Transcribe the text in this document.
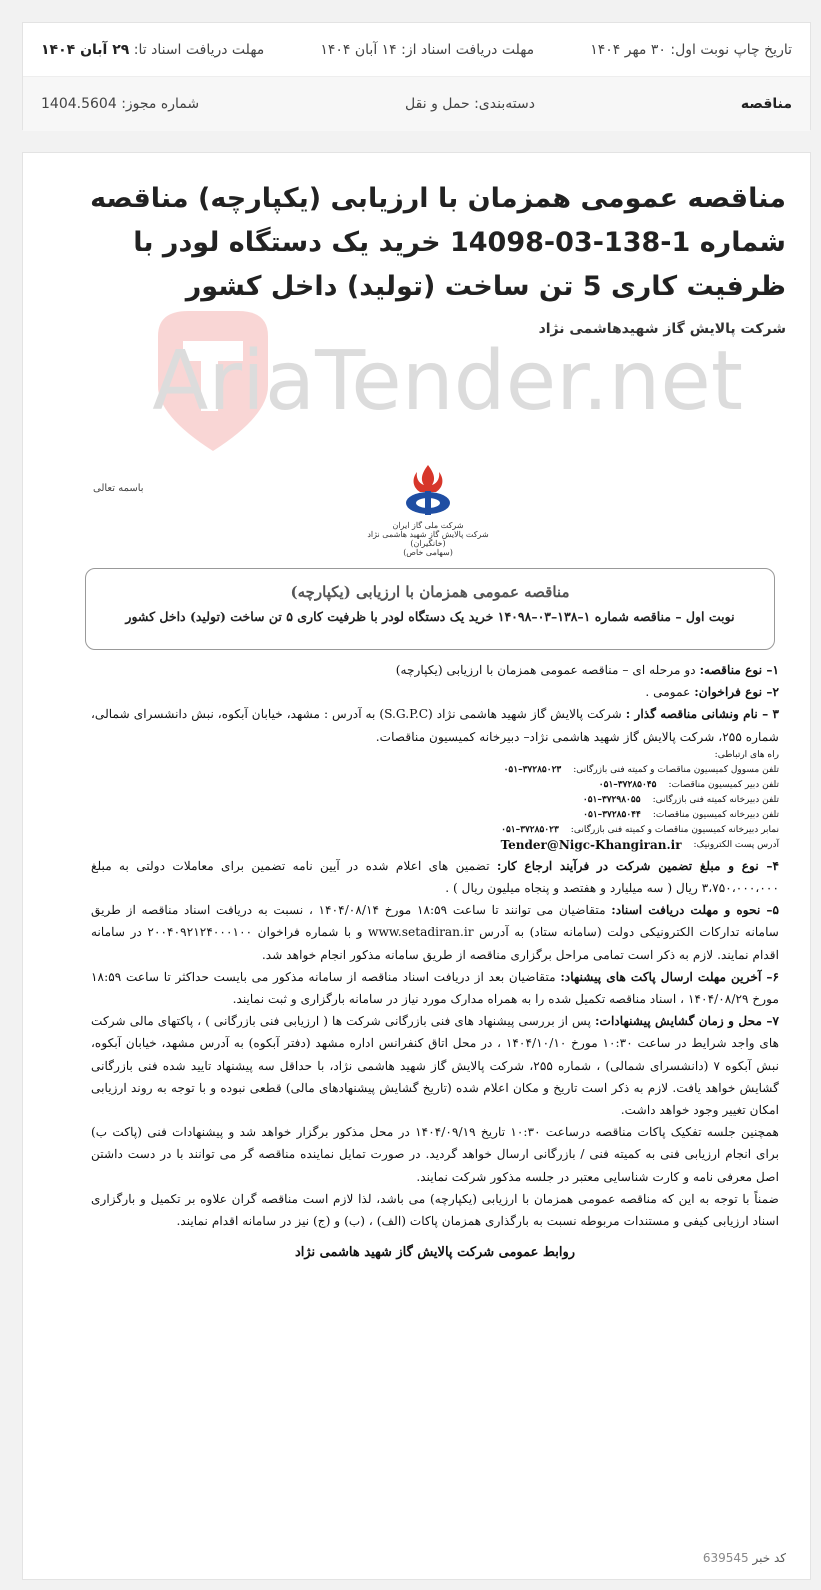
تاریخ چاپ نوبت اول: ۳۰ مهر ۱۴۰۴
مهلت دریافت اسناد از: ۱۴ آبان ۱۴۰۴
مهلت دریافت اسناد تا: ۲۹ آبان ۱۴۰۴
مناقصه
دسته‌بندی: حمل و نقل
شماره مجوز: 1404.5604
مناقصه عمومی همزمان با ارزیابی (یکپارچه) مناقصه شماره 1-138-03-14098 خرید یک دستگاه لودر با ظرفیت کاری 5 تن ساخت (تولید) داخل کشور
شرکت پالایش گاز شهیدهاشمی نژاد
AriaTender.net
باسمه تعالی
شرکت ملی گاز ایران
شرکت پالایش گاز شهید هاشمی نژاد (خانگیران)
(سهامی خاص)
مناقصه عمومی همزمان با ارزیابی (یکپارچه)
نوبت اول – مناقصه شماره ۱–۱۳۸–۰۳–۱۴۰۹۸ خرید یک دستگاه لودر با ظرفیت کاری ۵ تن ساخت (تولید) داخل کشور

۱– نوع مناقصه: دو مرحله ای – مناقصه عمومی همزمان با ارزیابی (یکپارچه)

۲– نوع فراخوان: عمومی .

۳ – نام ونشانی مناقصه گذار : شرکت پالایش گاز شهید هاشمی نژاد (S.G.P.C) به آدرس : مشهد، خیابان آبکوه، نبش دانشسرای شمالی، شماره ۲۵۵، شرکت پالایش گاز شهید هاشمی نژاد– دبیرخانه کمیسیون مناقصات.

راه های ارتباطی:
تلفن مسوول کمیسیون مناقصات و کمیته فنی بازرگانی:
۰۵۱–۳۷۲۸۵۰۲۳
تلفن دبیر کمیسیون مناقصات:
۰۵۱–۳۷۲۸۵۰۴۵
تلفن دبیرخانه کمیته فنی بازرگانی:
۰۵۱–۳۷۲۹۸۰۵۵
تلفن دبیرخانه کمیسیون مناقصات:
۰۵۱–۳۷۲۸۵۰۴۴
نمابر دبیرخانه کمیسیون مناقصات و کمیته فنی بازرگانی:
۰۵۱–۳۷۲۸۵۰۲۳
آدرس پست الکترونیک:
Tender@Nigc-Khangiran.ir

۴– نوع و مبلغ تضمین شرکت در فرآیند ارجاع کار: تضمین های اعلام شده در آیین نامه تضمین برای معاملات دولتی به مبلغ ۳،۷۵۰،۰۰۰،۰۰۰ ریال ( سه میلیارد و هفتصد و پنجاه میلیون ریال ) .

۵– نحوه و مهلت دریافت اسناد: متقاضیان می توانند تا ساعت ۱۸:۵۹ مورخ ۱۴۰۴/۰۸/۱۴ ، نسبت به دریافت اسناد مناقصه از طریق سامانه تدارکات الکترونیکی دولت (سامانه ستاد) به آدرس www.setadiran.ir و با شماره فراخوان ۲۰۰۴۰۹۲۱۲۴۰۰۰۱۰۰ در سامانه اقدام نمایند. لازم به ذکر است تمامی مراحل برگزاری مناقصه از طریق سامانه مذکور انجام خواهد شد.

۶– آخرین مهلت ارسال پاکت های پیشنهاد: متقاضیان بعد از دریافت اسناد مناقصه از سامانه مذکور می بایست حداکثر تا ساعت ۱۸:۵۹ مورخ ۱۴۰۴/۰۸/۲۹ ، اسناد مناقصه تکمیل شده را به همراه مدارک مورد نیاز در سامانه بارگزاری و ثبت نمایند.

۷– محل و زمان گشایش پیشنهادات: پس از بررسی پیشنهاد های فنی بازرگانی شرکت ها ( ارزیابی فنی بازرگانی ) ، پاکتهای مالی شرکت های واجد شرایط در ساعت ۱۰:۳۰ مورخ ۱۴۰۴/۱۰/۱۰ ، در محل اتاق کنفرانس اداره مشهد (دفتر آبکوه) به آدرس مشهد، خیابان آبکوه، نبش آبکوه ۷ (دانشسرای شمالی) ، شماره ۲۵۵، شرکت پالایش گاز شهید هاشمی نژاد، با حداقل سه پیشنهاد تایید شده فنی بازرگانی گشایش خواهد یافت. لازم به ذکر است تاریخ و مکان اعلام شده (تاریخ گشایش پیشنهادهای مالی) قطعی نبوده و با توجه به روند ارزیابی امکان تغییر وجود خواهد داشت.

همچنین جلسه تفکیک پاکات مناقصه درساعت ۱۰:۳۰ تاریخ ۱۴۰۴/۰۹/۱۹ در محل مذکور برگزار خواهد شد و پیشنهادات فنی (پاکت ب) برای انجام ارزیابی فنی به کمیته فنی / بازرگانی ارسال خواهد گردید. در صورت تمایل نماینده مناقصه گر می توانند با در دست داشتن اصل معرفی نامه و کارت شناسایی معتبر در جلسه مذکور شرکت نمایند.

ضمناً با توجه به این که مناقصه عمومی همزمان با ارزیابی (یکپارچه) می باشد، لذا لازم است مناقصه گران علاوه بر تکمیل و بارگزاری اسناد ارزیابی کیفی و مستندات مربوطه نسبت به بارگذاری همزمان پاکات (الف) ، (ب) و (ج) نیز در سامانه اقدام نمایند.

روابط عمومی شرکت پالایش گاز شهید هاشمی نژاد
کد خبر 639545
